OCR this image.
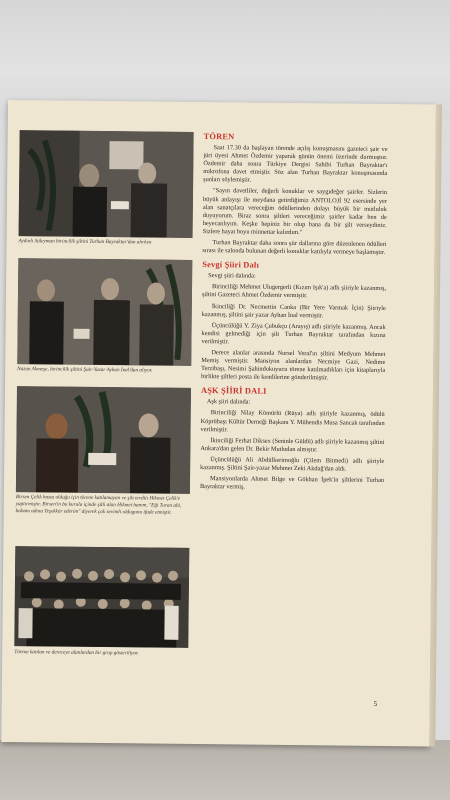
Aydınlı Süleyman birincilik şiltini Turhan Bayraktar'dan alırken
Nazan Akmeşe, birincilik şiltini Şair-Yazar Ayhan İnal'dan alıyor.
Birsen Çelik hasta olduğu için törene katılamayan ve şilt tevdiiı Hikmet Çelik'e yaptırmıştır. Birsen'in bu kurula içinde şilti alan Hikmet hanım, "Eği Turan abi, babam adına Teşekkür ederim" diyerek çok sevimli oldugunu ifade etmiştir.
Törene katılan ve dereceye alanlardan bir grup gösteriliyor.
TÖREN

Saat 17.30 da başlayan törende açılış konuşmasını gazeteci şair ve jüri üyesi Ahmet Özdemir yaparak günün önemi üzerinde durmuştur. Özdemir daha sonra Türkiye Dergisi Sahibi Turhan Bayraktar'ı mikrofona davet etmiştir. Söz alan Turhan Bayraktar konuşmasında şunları söylemiştir.

"Sayın davetliler, değerli konuklar ve saygıdeğer şairler. Sizlerin büyük anlayışı ile meydana getirdiğimiz ANTOLOJİ 92 esersinde yer alan sanatçılara vereceğim ödüllerinden dolayı büyük bir mutluluk duyuyorum. Biraz sonra şiltleri vereceğimiz şairler kadar ben de heyecanlıyım. Keşke hepiniz bir olup bana da bir şilt verseydiniz. Sizlere hayat boyu minnettar kalırdım."

Turhan Bayraktar daha sonra şiir dallarına göre düzenlenen ödülleri sırası ile salonda bulunan değerli konuklar katılıyla vermeye başlamıştır.

Sevgi Şiiri Dalı

Sevgi şiiri dalında:

Birinciliği Mehmet Ulugergerli (Kızım Işık'a) adlı şiiriyle kazanmış, şiltini Gazeteci Ahmet Özdemir vermiştir.

İkinciliği Dr. Necmettin Canka (Bir Yere Varmak İçin) Şiiriyle kazanmış, şiltini şair yazar Ayhan İnal vermiştir.

Üçüncülüğü Y. Ziya Çubukçu (Arayış) adlı şiiriyle kazanmış. Ancak kendisi gelmediği için şilt Turhan Bayraktar tarafından kızına verilmiştir.

Derece alanlar arasında Nursel Veral'ın şiltini Medyum Mehmet Memiş vermiştir. Mansiyon alanlardan Necmiye Gazi, Nedime Terzibaşı, Nesimi Şahindokuyucu törene katılmadıkları için kitaplarıyla birlikte şiltleri posta ile kendilerine gönderilmiştir.

AŞK ŞİİRİ DALI

Aşk şiiri dalında:

Birinciliği Nilay Kömürlü (Rüya) adlı şiiriyle kazanmış, ödülü Köprübaşı Kültür Derneği Başkanı Y. Mühendis Musa Sancak tarafından verilmiştir.

İkinciliği Ferhat Diksex (Seninle Güldü) adlı şiiriyle kazanmış şiltini Ankara'dan gelen Dr. Bekir Mutludan almıştır.

Üçüncülüğü Ali Abdülkerimoğlu (Çilem Bitmedi) adlı şiiriyle kazanmış. Şiltini Şair-yazar Mehmet Zeki Akdağ'dan aldı.

Mansiyonlarda Ahmet Bilge ve Gökhan İpek'in şiltlerini Turhan Bayraktar vermiş.

5
